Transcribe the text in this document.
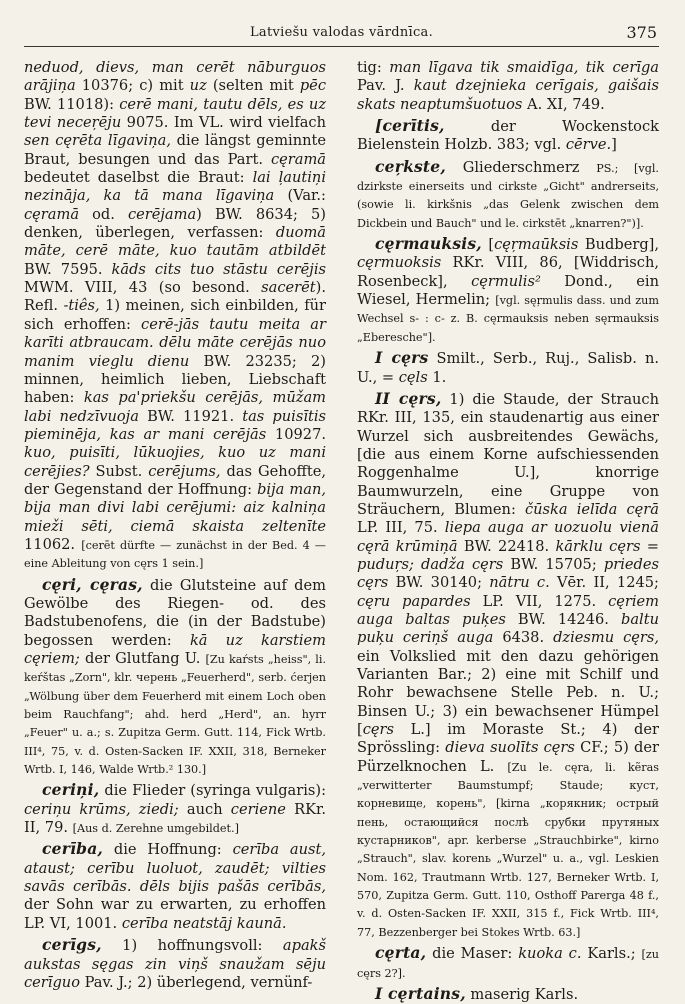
Latviešu valodas vārdnīca.	375

neduod, dievs, man cerēt nāburguos arājiņa 10376; c) mit uz (selten mit pēc BW. 11018): cerē mani, tautu dēls, es uz tevi neceŗēju 9075. Im VL. wird vielfach sen cęrēta līgaviņa, die längst geminnte Braut, besungen und das Part. cęramā bedeutet daselbst die Braut: lai ļautiņi nezināja, ka tā mana līgaviņa (Var.: cęramā od. cerējama) BW. 8634; 5) denken, überlegen, verfassen: duomā māte, cerē māte, kuo tautām atbildēt BW. 7595. kāds cits tuo stāstu cerējis MWM. VIII, 43 (so besond. sacerēt). Refl. -tiês, 1) meinen, sich einbilden, für sich erhoffen: cerē-jās tautu meita ar karīti atbraucam. dēlu māte cerējās nuo manim vieglu dienu BW. 23235; 2) minnen, heimlich lieben, Liebschaft haben: kas pa'priekšu cerējās, mūžam labi nedzīvuoja BW. 11921. tas puisītis pieminēja, kas ar mani cerējās 10927. kuo, puisīti, lūkuojies, kuo uz mani cerējies? Subst. cerējums, das Gehoffte, der Gegenstand der Hoffnung: bija man, bija man divi labi cerējumi: aiz kalniņa mieži sēti, ciemā skaista zeltenīte 11062. [cerēt dürfte — zunächst in der Bed. 4 — eine Ableitung von cęrs 1 sein.]

cęri, cęras, die Glutsteine auf dem Gewölbe des Riegen- od. des Badstubenofens, die (in der Badstube) begossen werden: kā uz karstiem cęriem; der Glutfang U. [Zu kaŕsts „heiss", li. keŕštas „Zorn", klr. черень „Feuerherd", serb. ćerjen „Wölbung über dem Feuerherd mit einem Loch oben beim Rauchfang"; ahd. herd „Herd", an. hyrr „Feuer" u. a.; s. Zupitza Germ. Gutt. 114, Fick Wrtb. III⁴, 75, v. d. Osten-Sacken IF. XXII, 318, Berneker Wrtb. I, 146, Walde Wrtb.² 130.]

ceriņi, die Flieder (syringa vulgaris): ceriņu krūms, ziedi; auch ceriene RKr. II, 79. [Aus d. Zerehne umgebildet.]

cerība, die Hoffnung: cerība aust, ataust; cerību luoluot, zaudēt; vilties savās cerībās. dēls bijis pašās cerībās, der Sohn war zu erwarten, zu erhoffen LP. VI, 1001. cerība neatstāj kaunā.

cerīgs, 1) hoffnungsvoll: apakš aukstas sęgas zin viņš snaužam sēju cerīguo Pav. J.; 2) überlegend, vernünf-

tig: man līgava tik smaidīga, tik cerīga Pav. J. kaut dzejnieka cerīgais, gaišais skats neaptumšuotuos A. XI, 749.

[cerītis, der Wockenstock Bielenstein Holzb. 383; vgl. cērve.]

ceŗkste, Gliederschmerz PS.; [vgl. dzirkste einerseits und cirkste „Gicht" andrerseits, (sowie li. kirkšnis „das Gelenk zwischen dem Dickbein und Bauch" und le. cirkstēt „knarren?")].

cęrmauksis, [cęŗmaūksis Budberg], cęrmuoksis RKr. VIII, 86, [Widdrisch, Rosenbeck], cęrmulis² Dond., ein Wiesel, Hermelin; [vgl. sęŗmulis dass. und zum Wechsel s- : c- z. B. cęrmauksis neben sęrmauksis „Eberesche"].

I cęrs Smilt., Serb., Ruj., Salisb. n. U., = cęls 1.

II cęrs, 1) die Staude, der Strauch RKr. III, 135, ein staudenartig aus einer Wurzel sich ausbreitendes Gewächs, [die aus einem Korne aufschiessenden Roggenhalme U.], knorrige Baumwurzeln, eine Gruppe von Sträuchern, Blumen: čūska ielīda cęrā LP. III, 75. liepa auga ar uozuolu vienā cęrā krūmiņā BW. 22418. kārklu cęrs = puduŗs; dadža cęrs BW. 15705; priedes cęrs BW. 30140; nātru c. Vēr. II, 1245; cęru papardes LP. VII, 1275. cęriem auga baltas puķes BW. 14246. baltu puķu ceriņš auga 6438. dziesmu cęrs, ein Volkslied mit den dazu gehörigen Varianten Bar.; 2) eine mit Schilf und Rohr bewachsene Stelle Peb. n. U.; Binsen U.; 3) ein bewachsener Hümpel [cęrs L.] im Moraste St.; 4) der Sprössling: dieva suolīts cęrs CF.; 5) der Pürzelknochen L. [Zu le. cęra, li. kẽras „verwitterter Baumstumpf; Staude; куст, корневище, корень", [kirna „корякник; острый пень, остающийся послѣ срубки прутяных кустарников", apr. kerberse „Strauchbirke", kirno „Strauch", slav. korenь „Wurzel" u. a., vgl. Leskien Nom. 162, Trautmann Wrtb. 127, Berneker Wrtb. I, 570, Zupitza Germ. Gutt. 110, Osthoff Parerga 48 f., v. d. Osten-Sacken IF. XXII, 315 f., Fick Wrtb. III⁴, 77, Bezzenberger bei Stokes Wrtb. 63.]

cęrta, die Maser: kuoka c. Karls.; [zu cęrs 2?].

I cęrtains, maserig Karls.
